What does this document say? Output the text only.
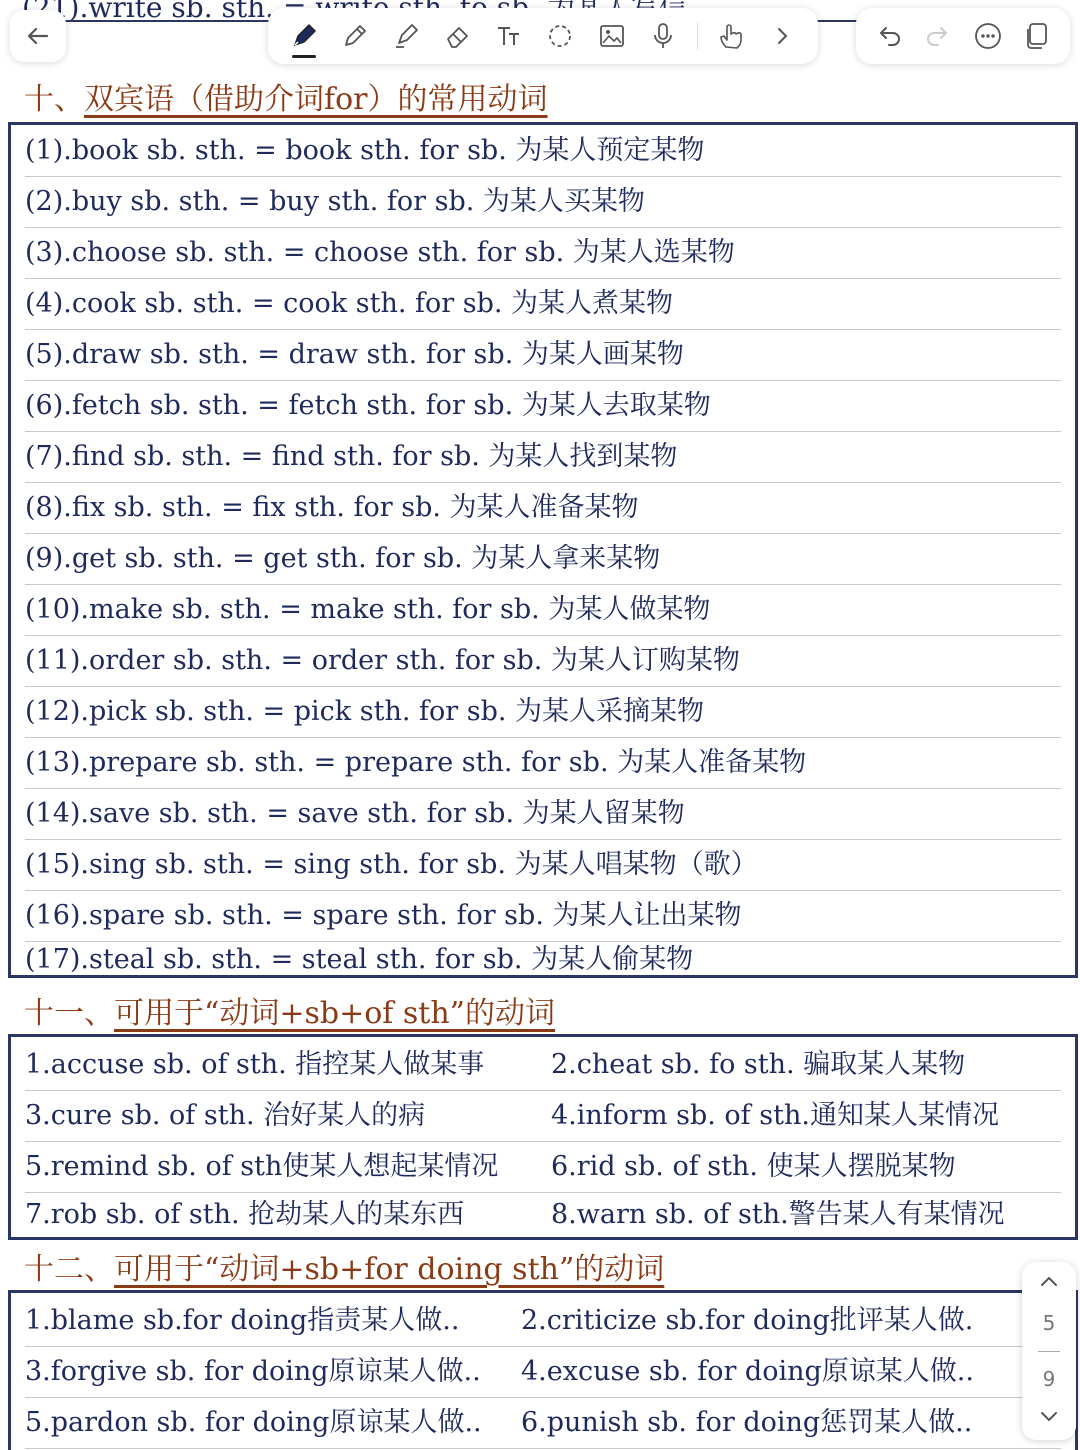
(21).write sb. sth.
十、双宾语（借助介词for）的常用动词
(1).book sb. sth. = book sth. for sb. 为某人预定某物
(2).buy sb. sth. = buy sth. for sb. 为某人买某物
(3).choose sb. sth. = choose sth. for sb. 为某人选某物
(4).cook sb. sth. = cook sth. for sb. 为某人煮某物
(5).draw sb. sth. = draw sth. for sb. 为某人画某物
(6).fetch sb. sth. = fetch sth. for sb. 为某人去取某物
(7).find sb. sth. = find sth. for sb. 为某人找到某物
(8).fix sb. sth. = fix sth. for sb. 为某人准备某物
(9).get sb. sth. = get sth. for sb. 为某人拿来某物
(10).make sb. sth. = make sth. for sb. 为某人做某物
(11).order sb. sth. = order sth. for sb. 为某人订购某物
(12).pick sb. sth. = pick sth. for sb. 为某人采摘某物
(13).prepare sb. sth. = prepare sth. for sb. 为某人准备某物
(14).save sb. sth. = save sth. for sb. 为某人留某物
(15).sing sb. sth. = sing sth. for sb. 为某人唱某物（歌）
(16).spare sb. sth. = spare sth. for sb. 为某人让出某物
(17).steal sb. sth. = steal sth. for sb. 为某人偷某物
十一、可用于“动词+sb+of sth”的动词
1.accuse sb. of sth. 指控某人做某事 2.cheat sb. fo sth. 骗取某人某物
3.cure sb. of sth. 治好某人的病	4.inform sb. of sth.通知某人某情况
5.remind sb. of sth使某人想起某情况 6.rid sb. of sth. 使某人摆脱某物
7.rob sb. of sth. 抢劫某人的某东西	8.warn sb. of sth.警告某人有某情况
十二、可用于“动词+sb+for doing sth”的动词
1.blame sb.for doing指责某人做.. 2.criticize sb.for doing批评某人做.
3.forgive sb. for doing原谅某人做.. 4.excuse sb. for doing原谅某人做..
5.pardon sb. for doing原谅某人做.. 6.punish sb. for doing惩罚某人做..
5
9
